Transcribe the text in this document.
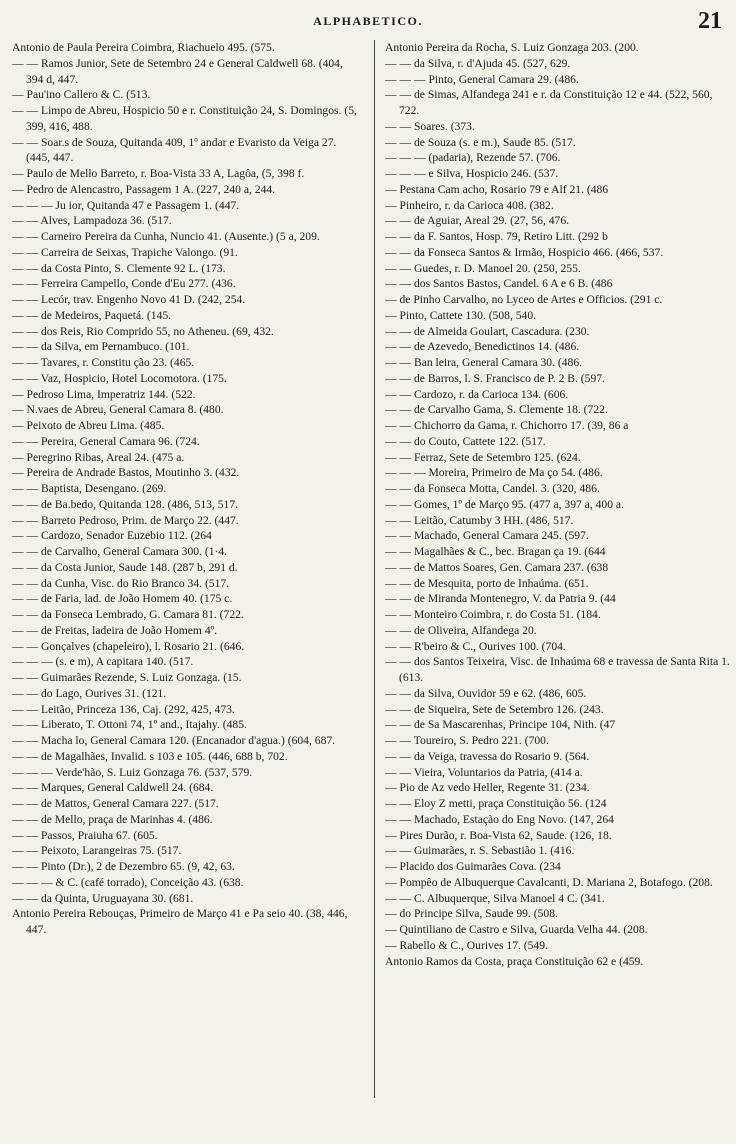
ALPHABETICO.	21

Antonio de Paula Pereira Coimbra, Riachuelo 495. (575.

— — Ramos Junior, Sete de Setembro 24 e General Caldwell 68. (404, 394 d, 447.

— Pau'ino Callero & C. (513.

— — Limpo de Abreu, Hospicio 50 e r. Constituição 24, S. Domingos. (5, 399, 416, 488.

— — Soar.s de Souza, Quitanda 409, 1º andar e Evaristo da Veiga 27. (445, 447.

— Paulo de Mello Barreto, r. Boa-Vista 33 A, Lagôa, (5, 398 f.

— Pedro de Alencastro, Passagem 1 A. (227, 240 a, 244.

— — — Ju ior, Quitanda 47 e Passagem 1. (447.

— — Alves, Lampadoza 36. (517.

— — Carneiro Pereira da Cunha, Nuncio 41. (Ausente.) (5 a, 209.

— — Carreira de Seixas, Trapiche Valongo. (91.

— — da Costa Pinto, S. Clemente 92 L. (173.

— — Ferreira Campello, Conde d'Eu 277. (436.

— — Lecór, trav. Engenho Novo 41 D. (242, 254.

— — de Medeiros, Paquetá. (145.

— — dos Reis, Rio Comprido 55, no Atheneu. (69, 432.

— — da Silva, em Pernambuco. (101.

— — Tavares, r. Constitu ção 23. (465.

— — Vaz, Hospicio, Hotel Locomotora. (175.

— Pedroso Lima, Imperatriz 144. (522.

— N.vaes de Abreu, General Camara 8. (480.

— Peixoto de Abreu Lima. (485.

— — Pereira, General Camara 96. (724.

— Peregrino Ribas, Areal 24. (475 a.

— Pereira de Andrade Bastos, Moutinho 3. (432.

— — Baptista, Desengano. (269.

— — de Ba.bedo, Quitanda 128. (486, 513, 517.

— — Barreto Pedroso, Prim. de Março 22. (447.

— — Cardozo, Senador Euzebio 112. (264

— — de Carvalho, General Camara 300. (1·4.

— — da Costa Junior, Saude 148. (287 b, 291 d.

— — da Cunha, Visc. do Rio Branco 34. (517.

— — de Faria, lad. de João Homem 40. (175 c.

— — da Fonseca Lembrado, G. Camara 81. (722.

— — de Freitas, ladeira de João Homem 4º.

— — Gonçalves (chapeleiro), l. Rosario 21. (646.

— — — (s. e m), A capitara 140. (517.

— — Guimarães Rezende, S. Luiz Gonzaga. (15.

— — do Lago, Ourives 31. (121.

— — Leitão, Princeza 136, Caj. (292, 425, 473.

— — Liberato, T. Ottoni 74, 1º and., Itajahy. (485.

— — Macha lo, General Camara 120. (Encanador d'agua.) (604, 687.

— — de Magalhães, Invalid. s 103 e 105. (446, 688 b, 702.

— — — Verde'hão, S. Luiz Gonzaga 76. (537, 579.

— — Marques, General Caldwell 24. (684.

— — de Mattos, General Camara 227. (517.

— — de Mello, praça de Marinhas 4. (486.

— — Passos, Praiuha 67. (605.

— — Peixoto, Larangeiras 75. (517.

— — Pinto (Dr.), 2 de Dezembro 65. (9, 42, 63.

— — — & C. (café torrado), Conceição 43. (638.

— — da Quinta, Uruguayana 30. (681.

Antonio Pereira Rebouças, Primeiro de Março 41 e Pa seio 40. (38, 446, 447.

Antonio Pereira da Rocha, S. Luiz Gonzaga 203. (200.

— — da Silva, r. d'Ajuda 45. (527, 629.

— — — Pinto, General Camara 29. (486.

— — de Simas, Alfandega 241 e r. da Constituição 12 e 44. (522, 560, 722.

— — Soares. (373.

— — de Souza (s. e m.), Saude 85. (517.

— — — (padaria), Rezende 57. (706.

— — — e Silva, Hospicio 246. (537.

— Pestana Cam acho, Rosario 79 e Alf 21. (486

— Pinheiro, r. da Carioca 408. (382.

— — de Aguiar, Areal 29. (27, 56, 476.

— — da F. Santos, Hosp. 79, Retiro Litt. (292 b

— — da Fonseca Santos & Irmão, Hospicio 466. (466, 537.

— — Guedes, r. D. Manoel 20. (250, 255.

— — dos Santos Bastos, Candel. 6 A e 6 B. (486

— de Pinho Carvalho, no Lyceo de Artes e Officios. (291 c.

— Pinto, Cattete 130. (508, 540.

— — de Almeida Goulart, Cascadura. (230.

— — de Azevedo, Benedictinos 14. (486.

— — Ban leira, General Camara 30. (486.

— — de Barros, l. S. Francisco de P. 2 B. (597.

— — Cardozo, r. da Carioca 134. (606.

— — de Carvalho Gama, S. Clemente 18. (722.

— — Chichorro da Gama, r. Chichorro 17. (39, 86 a

— — do Couto, Cattete 122. (517.

— — Ferraz, Sete de Setembro 125. (624.

— — — Moreira, Primeiro de Ma ço 54. (486.

— — da Fonseca Motta, Candel. 3. (320, 486.

— — Gomes, 1º de Março 95. (477 a, 397 a, 400 a.

— — Leitão, Catumby 3 HH. (486, 517.

— — Machado, General Camara 245. (597.

— — Magalhães & C., bec. Bragan ça 19. (644

— — de Mattos Soares, Gen. Camara 237. (638

— — de Mesquita, porto de Inhaúma. (651.

— — de Miranda Montenegro, V. da Patria 9. (44

— — Monteiro Coimbra, r. do Costa 51. (184.

— — de Oliveira, Alfandega 20.

— — R'beiro & C., Ourives 100. (704.

— — dos Santos Teixeira, Visc. de Inhaúma 68 e travessa de Santa Rita 1. (613.

— — da Silva, Ouvidor 59 e 62. (486, 605.

— — de Siqueira, Sete de Setembro 126. (243.

— — de Sa Mascarenhas, Principe 104, Nith. (47

— — Toureiro, S. Pedro 221. (700.

— — da Veiga, travessa do Rosario 9. (564.

— — Vieira, Voluntarios da Patria, (414 a.

— Pio de Az vedo Heller, Regente 31. (234.

— — Eloy Z metti, praça Constituição 56. (124

— — Machado, Estação do Eng Novo. (147, 264

— Pires Durão, r. Boa-Vista 62, Saude. (126, 18.

— — Guimarães, r. S. Sebastião 1. (416.

— Placido dos Guimarães Cova. (234

— Pompêo de Albuquerque Cavalcanti, D. Mariana 2, Botafogo. (208.

— — C. Albuquerque, Silva Manoel 4 C. (341.

— do Principe Silva, Saude 99. (508.

— Quintiliano de Castro e Silva, Guarda Velha 44. (208.

— Rabello & C., Ourives 17. (549.

Antonio Ramos da Costa, praça Constituição 62 e (459.
